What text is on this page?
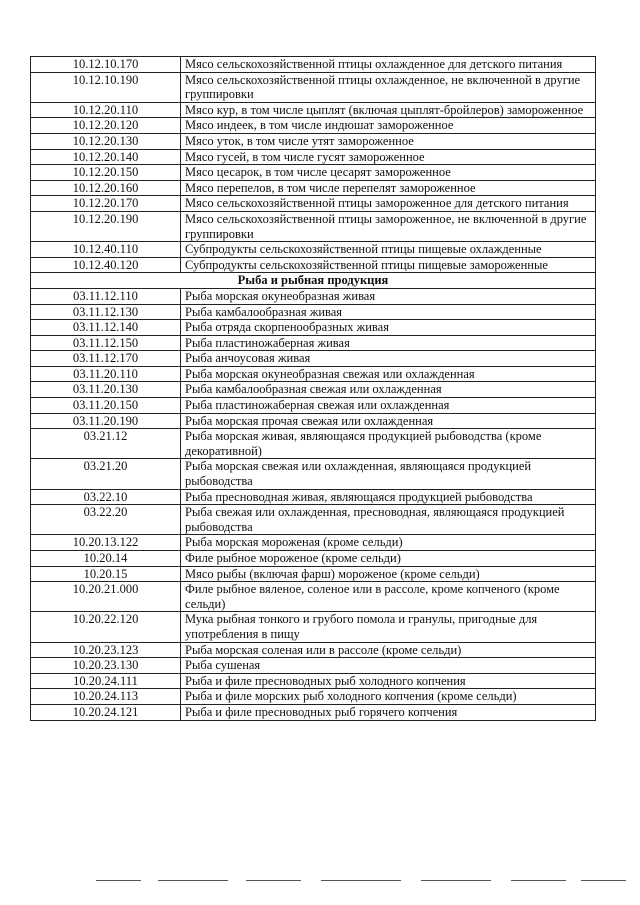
10.12.10.170	Мясо сельскохозяйственной птицы охлажденное для детского питания
10.12.10.190	Мясо сельскохозяйственной птицы охлажденное, не включенной в другие группировки
10.12.20.110	Мясо кур, в том числе цыплят (включая цыплят-бройлеров) замороженное
10.12.20.120	Мясо индеек, в том числе индюшат замороженное
10.12.20.130	Мясо уток, в том числе утят замороженное
10.12.20.140	Мясо гусей, в том числе гусят замороженное
10.12.20.150	Мясо цесарок, в том числе цесарят замороженное
10.12.20.160	Мясо перепелов, в том числе перепелят замороженное
10.12.20.170	Мясо сельскохозяйственной птицы замороженное для детского питания
10.12.20.190	Мясо сельскохозяйственной птицы замороженное, не включенной в другие группировки
10.12.40.110	Субпродукты сельскохозяйственной птицы пищевые охлажденные
10.12.40.120	Субпродукты сельскохозяйственной птицы пищевые замороженные
Рыба и рыбная продукция	
03.11.12.110	Рыба морская окунеобразная живая
03.11.12.130	Рыба камбалообразная живая
03.11.12.140	Рыба отряда скорпенообразных живая
03.11.12.150	Рыба пластиножаберная живая
03.11.12.170	Рыба анчоусовая живая
03.11.20.110	Рыба морская окунеобразная свежая или охлажденная
03.11.20.130	Рыба камбалообразная свежая или охлажденная
03.11.20.150	Рыба пластиножаберная свежая или охлажденная
03.11.20.190	Рыба морская прочая свежая или охлажденная
03.21.12	Рыба морская живая, являющаяся продукцией рыбоводства (кроме декоративной)
03.21.20	Рыба морская свежая или охлажденная, являющаяся продукцией рыбоводства
03.22.10	Рыба пресноводная живая, являющаяся продукцией рыбоводства
03.22.20	Рыба свежая или охлажденная, пресноводная, являющаяся продукцией рыбоводства
10.20.13.122	Рыба морская мороженая (кроме сельди)
10.20.14	Филе рыбное мороженое (кроме сельди)
10.20.15	Мясо рыбы (включая фарш) мороженое (кроме сельди)
10.20.21.000	Филе рыбное вяленое, соленое или в рассоле, кроме копченого (кроме сельди)
10.20.22.120	Мука рыбная тонкого и грубого помола и гранулы, пригодные для употребления в пищу
10.20.23.123	Рыба морская соленая или в рассоле (кроме сельди)
10.20.23.130	Рыба сушеная
10.20.24.111	Рыба и филе пресноводных рыб холодного копчения
10.20.24.113	Рыба и филе морских рыб холодного копчения (кроме сельди)
10.20.24.121	Рыба и филе пресноводных рыб горячего копчения
